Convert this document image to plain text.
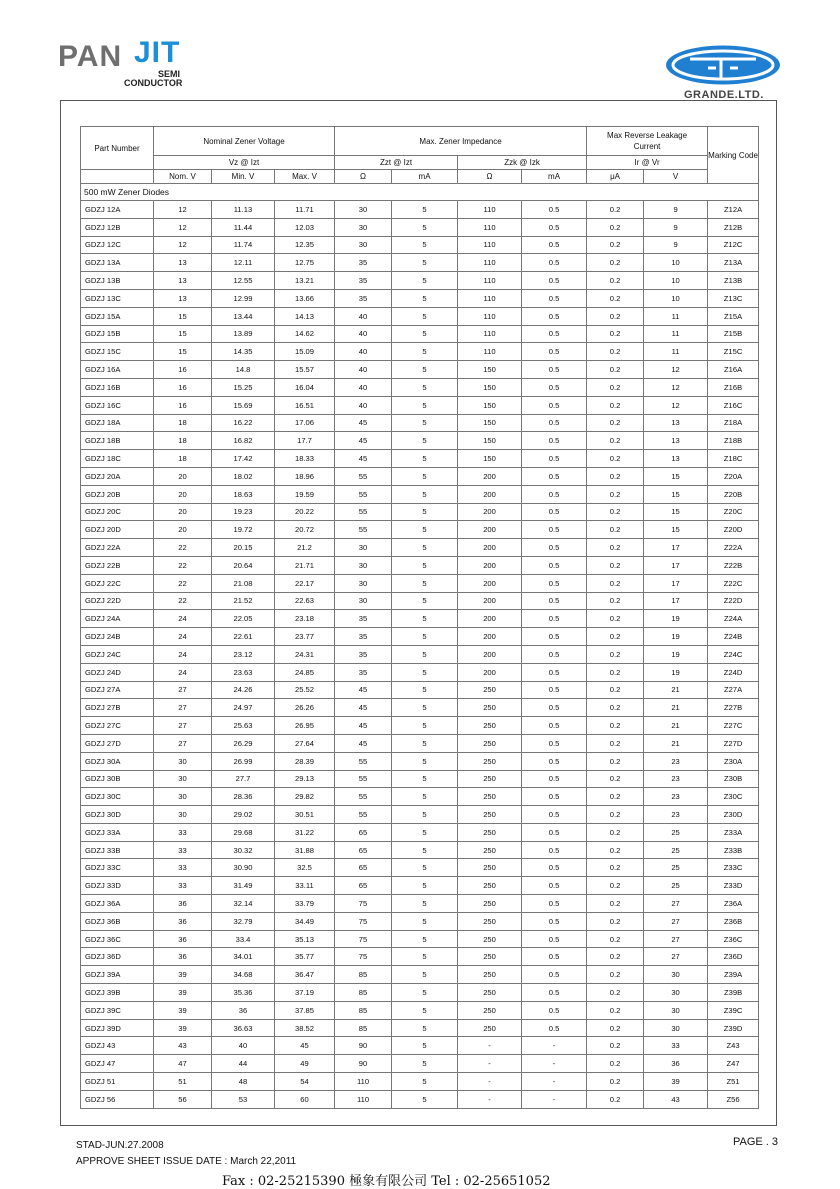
PAN JIT
SEMI
CONDUCTOR
GRANDE.LTD.
Part Number	Nominal Zener Voltage			Max. Zener Impedance				Max Reverse Leakage Current		Marking Code
	Vz @ Izt			Zzt @ Izt		Zzk @ Izk		Ir @ Vr		
	Nom. V	Min. V	Max. V	Ω	mA	Ω	mA	μA	V	
500 mW Zener Diodes										
GDZJ 12A	12	11.13	11.71	30	5	110	0.5	0.2	9	Z12A
GDZJ 12B	12	11.44	12.03	30	5	110	0.5	0.2	9	Z12B
GDZJ 12C	12	11.74	12.35	30	5	110	0.5	0.2	9	Z12C
GDZJ 13A	13	12.11	12.75	35	5	110	0.5	0.2	10	Z13A
GDZJ 13B	13	12.55	13.21	35	5	110	0.5	0.2	10	Z13B
GDZJ 13C	13	12.99	13.66	35	5	110	0.5	0.2	10	Z13C
GDZJ 15A	15	13.44	14.13	40	5	110	0.5	0.2	11	Z15A
GDZJ 15B	15	13.89	14.62	40	5	110	0.5	0.2	11	Z15B
GDZJ 15C	15	14.35	15.09	40	5	110	0.5	0.2	11	Z15C
GDZJ 16A	16	14.8	15.57	40	5	150	0.5	0.2	12	Z16A
GDZJ 16B	16	15.25	16.04	40	5	150	0.5	0.2	12	Z16B
GDZJ 16C	16	15.69	16.51	40	5	150	0.5	0.2	12	Z16C
GDZJ 18A	18	16.22	17.06	45	5	150	0.5	0.2	13	Z18A
GDZJ 18B	18	16.82	17.7	45	5	150	0.5	0.2	13	Z18B
GDZJ 18C	18	17.42	18.33	45	5	150	0.5	0.2	13	Z18C
GDZJ 20A	20	18.02	18.96	55	5	200	0.5	0.2	15	Z20A
GDZJ 20B	20	18.63	19.59	55	5	200	0.5	0.2	15	Z20B
GDZJ 20C	20	19.23	20.22	55	5	200	0.5	0.2	15	Z20C
GDZJ 20D	20	19.72	20.72	55	5	200	0.5	0.2	15	Z20D
GDZJ 22A	22	20.15	21.2	30	5	200	0.5	0.2	17	Z22A
GDZJ 22B	22	20.64	21.71	30	5	200	0.5	0.2	17	Z22B
GDZJ 22C	22	21.08	22.17	30	5	200	0.5	0.2	17	Z22C
GDZJ 22D	22	21.52	22.63	30	5	200	0.5	0.2	17	Z22D
GDZJ 24A	24	22.05	23.18	35	5	200	0.5	0.2	19	Z24A
GDZJ 24B	24	22.61	23.77	35	5	200	0.5	0.2	19	Z24B
GDZJ 24C	24	23.12	24.31	35	5	200	0.5	0.2	19	Z24C
GDZJ 24D	24	23.63	24.85	35	5	200	0.5	0.2	19	Z24D
GDZJ 27A	27	24.26	25.52	45	5	250	0.5	0.2	21	Z27A
GDZJ 27B	27	24.97	26.26	45	5	250	0.5	0.2	21	Z27B
GDZJ 27C	27	25.63	26.95	45	5	250	0.5	0.2	21	Z27C
GDZJ 27D	27	26.29	27.64	45	5	250	0.5	0.2	21	Z27D
GDZJ 30A	30	26.99	28.39	55	5	250	0.5	0.2	23	Z30A
GDZJ 30B	30	27.7	29.13	55	5	250	0.5	0.2	23	Z30B
GDZJ 30C	30	28.36	29.82	55	5	250	0.5	0.2	23	Z30C
GDZJ 30D	30	29.02	30.51	55	5	250	0.5	0.2	23	Z30D
GDZJ 33A	33	29.68	31.22	65	5	250	0.5	0.2	25	Z33A
GDZJ 33B	33	30.32	31.88	65	5	250	0.5	0.2	25	Z33B
GDZJ 33C	33	30.90	32.5	65	5	250	0.5	0.2	25	Z33C
GDZJ 33D	33	31.49	33.11	65	5	250	0.5	0.2	25	Z33D
GDZJ 36A	36	32.14	33.79	75	5	250	0.5	0.2	27	Z36A
GDZJ 36B	36	32.79	34.49	75	5	250	0.5	0.2	27	Z36B
GDZJ 36C	36	33.4	35.13	75	5	250	0.5	0.2	27	Z36C
GDZJ 36D	36	34.01	35.77	75	5	250	0.5	0.2	27	Z36D
GDZJ 39A	39	34.68	36.47	85	5	250	0.5	0.2	30	Z39A
GDZJ 39B	39	35.36	37.19	85	5	250	0.5	0.2	30	Z39B
GDZJ 39C	39	36	37.85	85	5	250	0.5	0.2	30	Z39C
GDZJ 39D	39	36.63	38.52	85	5	250	0.5	0.2	30	Z39D
GDZJ 43	43	40	45	90	5	-	-	0.2	33	Z43
GDZJ 47	47	44	49	90	5	-	-	0.2	36	Z47
GDZJ 51	51	48	54	110	5	-	-	0.2	39	Z51
GDZJ 56	56	53	60	110	5	-	-	0.2	43	Z56
STAD-JUN.27.2008
APPROVE SHEET ISSUE DATE : March 22,2011
PAGE . 3
Fax : 02-25215390 極象有限公司 Tel : 02-25651052
